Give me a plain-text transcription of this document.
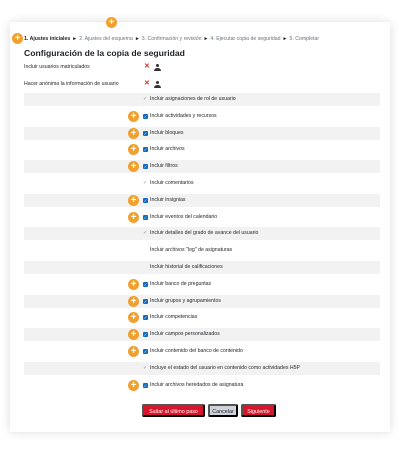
+
+ 1. Ajustes iniciales ► 2. Ajustes del esquema ► 3. Confirmación y revisión ► 4. Ejecutar copia de seguridad ► 5. Completar
Configuración de la copia de seguridad
Incluir usuarios matriculados	✕
Hacer anónima la información de usuario	✕
✓ Incluir asignaciones de rol de usuario
+	✓ Incluir actividades y recursos
+	✓ Incluir bloques
+	✓ Incluir archivos
+	✓ Incluir filtros
✓ Incluir comentarios
+	✓ Incluir insignias
+	✓ Incluir eventos del calendario
✓ Incluir detalles del grado de avance del usuario
Incluir archivos "log" de asignaturas
Incluir historial de calificaciones
+	✓ Incluir banco de preguntas
+	✓ Incluir grupos y agrupamientos
+	✓ Incluir competencias
+	✓ Incluir campos personalizados
+	✓ Incluir contenido del banco de contenido
✓ Incluye el estado del usuario en contenido como actividades H5P
+	✓ Incluir archivos heredados de asignatura
Saltar al último paso	Cancelar	Siguiente
